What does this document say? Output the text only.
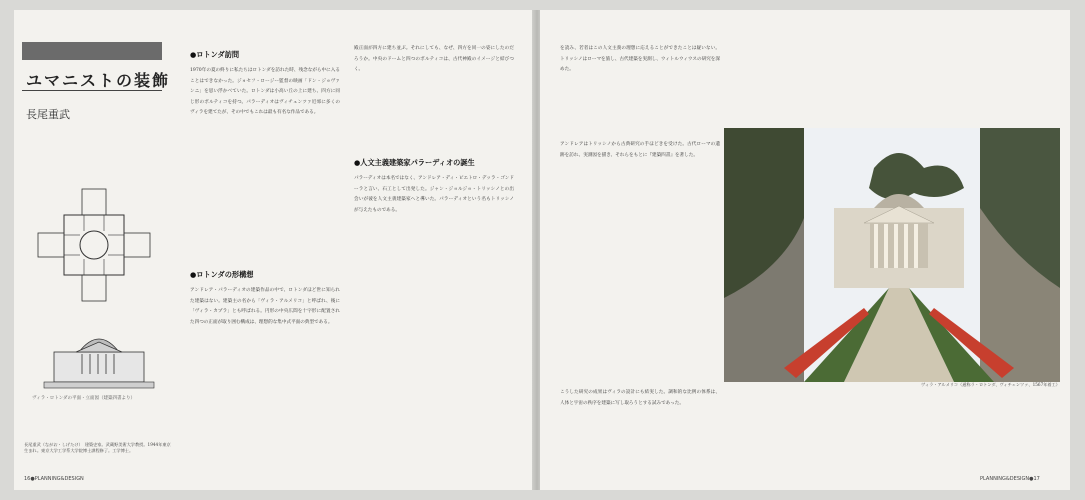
ユマニストの装飾
長尾重武
ヴィラ・ロトンダの平面・立面図（建築四書より）
長尾重武（ながお・しげたけ）　建築史家。武蔵野美術大学教授。1944年東京生まれ。東京大学工学系大学院博士課程修了。工学博士。
●ロトンダ訪問
1970年の夏の終りに私たちはロトンダを訪れた時、残念ながら中に入ることはできなかった。ジョセフ・ロージー監督の映画「ドン・ジョヴァンニ」を思い浮かべていた。ロトンダは小高い丘の上に建ち、四方に同じ形のポルティコを持つ。パラーディオはヴィチェンツァ近郊に多くのヴィラを建てたが、その中でもこれは最も有名な作品である。
●ロトンダの形構想
アンドレア・パラーディオの建築作品の中で、ロトンダほど世に知られた建築はない。建築主の名から「ヴィラ・アルメリコ」と呼ばれ、後に「ヴィラ・カプラ」とも呼ばれる。円形の中央広間を十字形に配置された四つの正面が取り囲む構成は、理想的な集中式平面の典型である。
殿正面が四方に建ち並ぶ。それにしても、なぜ、四方を同一の姿にしたのだろうか。中央のドームと四つのポルティコは、古代神殿のイメージと結びつく。
●人文主義建築家パラーディオの誕生
パラーディオは本名ではなく、アンドレア・ディ・ピエトロ・デッラ・ゴンドーラと言い、石工として出発した。ジャン・ジョルジョ・トリッシノとの出会いが彼を人文主義建築家へと導いた。パラーディオという名もトリッシノが与えたものである。
16●PLANNING&DESIGN
を読み、若者はこの人文主義の理想に応えることができたことは疑いない。トリッシノはローマを旅し、古代建築を実測し、ウィトルウィウスの研究を深めた。
アンドレアはトリッシノから古典研究の手ほどきを受けた。古代ローマの遺跡を訪れ、実測図を描き、それらをもとに『建築四書』を著した。
こうした研究の成果はヴィラの設計にも結実した。調和的な比例の体系は、人体と宇宙の秩序を建築に写し取ろうとする試みであった。
ヴィラ・アルメリコ（通称ラ・ロトンダ、ヴィチェンツァ、1567年着工）
PLANNING&DESIGN●17
